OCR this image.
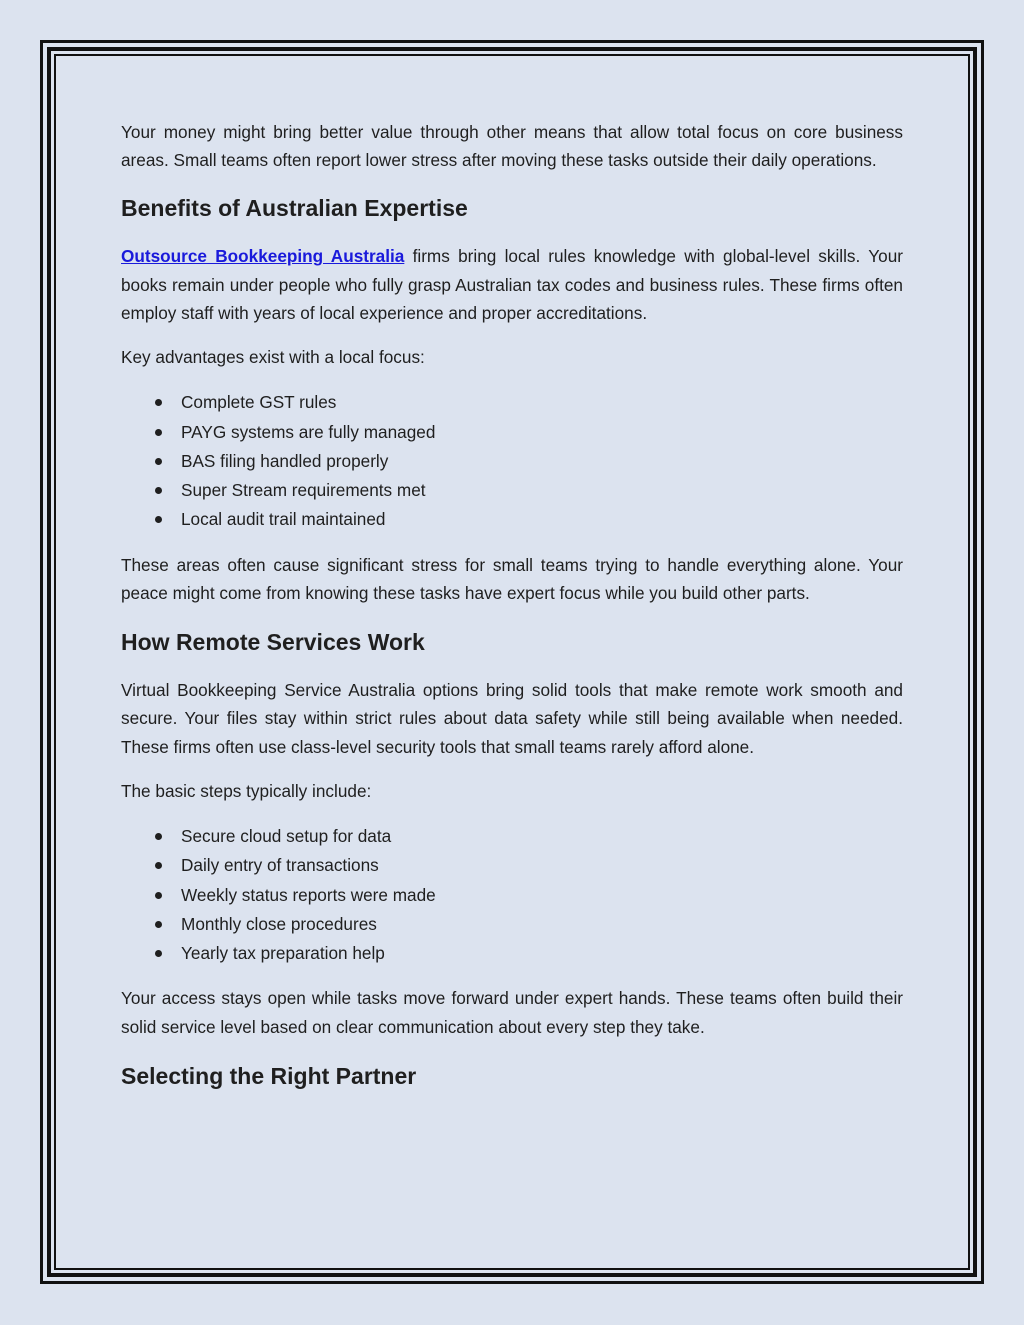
Your money might bring better value through other means that allow total focus on core business areas. Small teams often report lower stress after moving these tasks outside their daily operations.

Benefits of Australian Expertise

Outsource Bookkeeping Australia firms bring local rules knowledge with global-level skills. Your books remain under people who fully grasp Australian tax codes and business rules. These firms often employ staff with years of local experience and proper accreditations.

Key advantages exist with a local focus:

Complete GST rules
PAYG systems are fully managed
BAS filing handled properly
Super Stream requirements met
Local audit trail maintained

These areas often cause significant stress for small teams trying to handle everything alone. Your peace might come from knowing these tasks have expert focus while you build other parts.

How Remote Services Work

Virtual Bookkeeping Service Australia options bring solid tools that make remote work smooth and secure. Your files stay within strict rules about data safety while still being available when needed. These firms often use class-level security tools that small teams rarely afford alone.

The basic steps typically include:

Secure cloud setup for data
Daily entry of transactions
Weekly status reports were made
Monthly close procedures
Yearly tax preparation help

Your access stays open while tasks move forward under expert hands. These teams often build their solid service level based on clear communication about every step they take.

Selecting the Right Partner
